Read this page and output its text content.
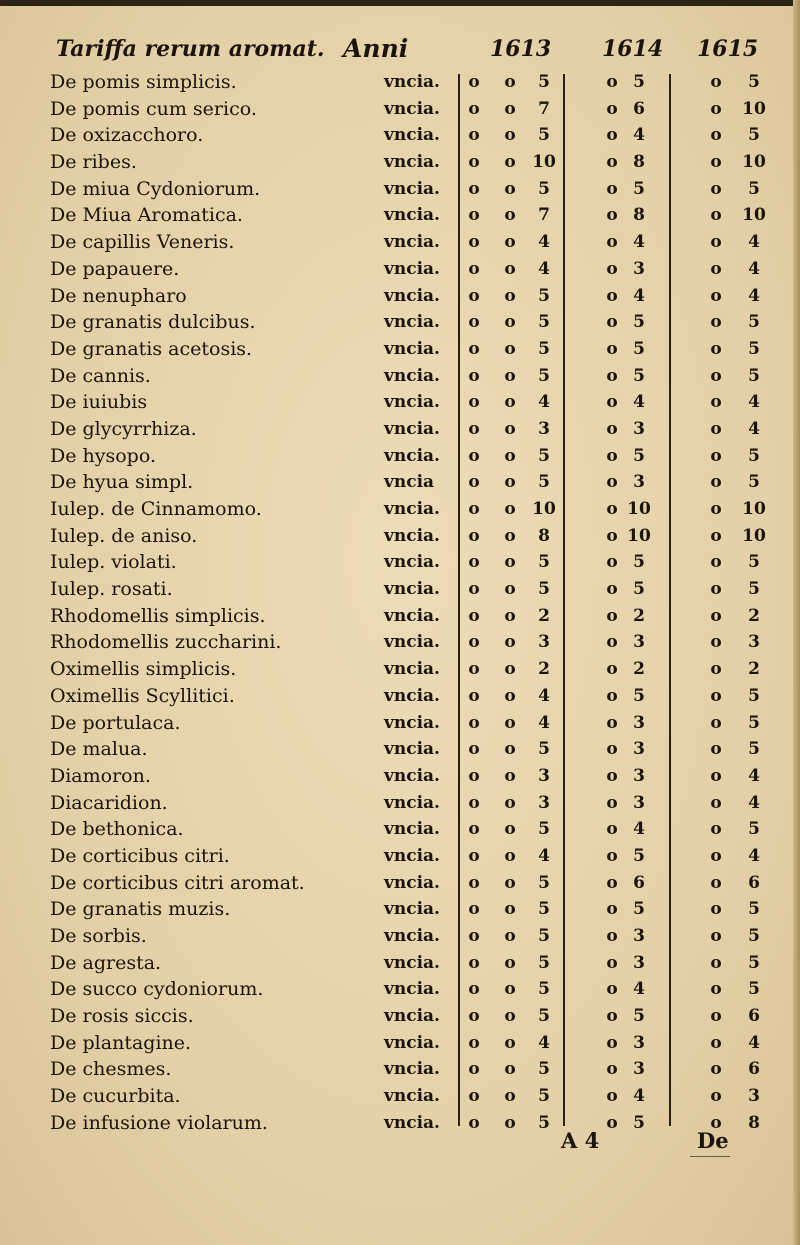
Tariffa rerum aromat. Anni	1613 1614 1615
De pomis simplicis.	vncia.	o	o	5	o 5	o	5
De pomis cum serico.	vncia.	o	o	7	o 6	o	10
De oxizacchoro.	vncia.	o	o	5	o 4	o	5
De ribes.	vncia.	o	o 10	o 8	o	10
De miua Cydoniorum.	vncia.	o	o	5	o 5	o	5
De Miua Aromatica.	vncia.	o	o	7	o 8	o	10
De capillis Veneris.	vncia.	o	o	4	o 4	o	4
De papauere.	vncia.	o	o	4	o 3	o	4
De nenupharo	vncia.	o	o	5	o 4	o	4
De granatis dulcibus.	vncia.	o	o	5	o 5	o	5
De granatis acetosis.	vncia.	o	o	5	o 5	o	5
De cannis.	vncia.	o	o	5	o 5	o	5
De iuiubis	vncia.	o	o	4	o 4	o	4
De glycyrrhiza.	vncia.	o	o	3	o 3	o	4
De hysopo.	vncia.	o	o	5	o 5	o	5
De hyua simpl.	vncia	o	o	5	o 3	o	5
Iulep. de Cinnamomo.	vncia.	o	o 10	o 10	o	10
Iulep. de aniso.	vncia.	o	o	8	o 10	o	10
Iulep. violati.	vncia.	o	o	5	o 5	o	5
Iulep. rosati.	vncia.	o	o	5	o 5	o	5
Rhodomellis simplicis.	vncia.	o	o	2	o 2	o	2
Rhodomellis zuccharini.	vncia.	o	o	3	o 3	o	3
Oximellis simplicis.	vncia.	o	o	2	o 2	o	2
Oximellis Scyllitici.	vncia.	o	o	4	o 5	o	5
De portulaca.	vncia.	o	o	4	o 3	o	5
De malua.	vncia.	o	o	5	o 3	o	5
Diamoron.	vncia.	o	o	3	o 3	o	4
Diacaridion.	vncia.	o	o	3	o 3	o	4
De bethonica.	vncia.	o	o	5	o 4	o	5
De corticibus citri.	vncia.	o	o	4	o 5	o	4
De corticibus citri aromat.	vncia.	o	o	5	o 6	o	6
De granatis muzis.	vncia.	o	o	5	o 5	o	5
De sorbis.	vncia.	o	o	5	o 3	o	5
De agresta.	vncia.	o	o	5	o 3	o	5
De succo cydoniorum.	vncia.	o	o	5	o 4	o	5
De rosis siccis.	vncia.	o	o	5	o 5	o	6
De plantagine.	vncia.	o	o	4	o 3	o	4
De chesmes.	vncia.	o	o	5	o 3	o	6
De cucurbita.	vncia.	o	o	5	o 4	o	3
De infusione violarum.	vncia.	o	o	5	o 5	o	8
A 4	De
